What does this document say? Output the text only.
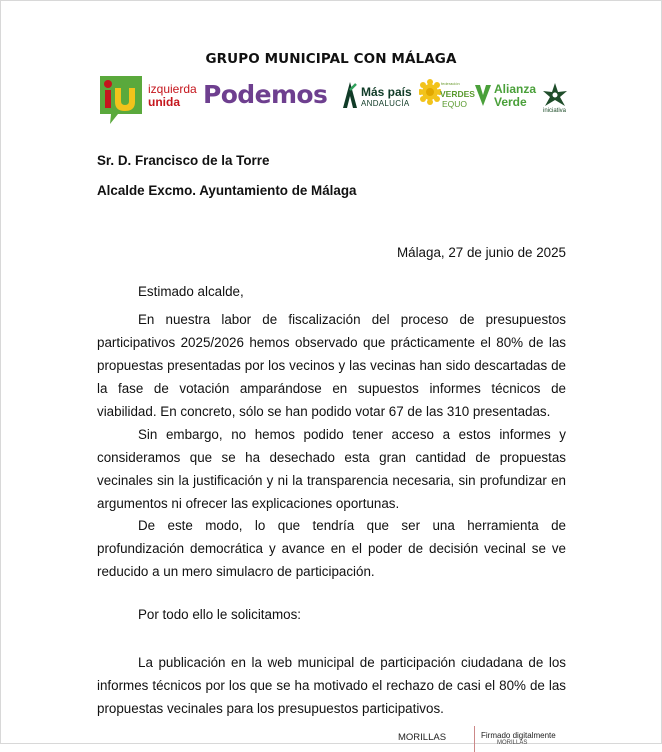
GRUPO MUNICIPAL CON MÁLAGA
izquierda
unida Podemos	Más país
ANDALUCÍA
federación
VERDES
EQUO
Alianza
Verde
iniciativa
Sr. D. Francisco de la Torre
Alcalde Excmo. Ayuntamiento de Málaga
Málaga, 27 de junio de 2025
Estimado alcalde,
En nuestra labor de fiscalización del proceso de presupuestos participativos 2025/2026 hemos observado que prácticamente el 80% de las propuestas presentadas por los vecinos y las vecinas han sido descartadas de la fase de votación amparándose en supuestos informes técnicos de viabilidad. En concreto, sólo se han podido votar 67 de las 310 presentadas.
Sin embargo, no hemos podido tener acceso a estos informes y consideramos que se ha desechado esta gran cantidad de propuestas vecinales sin la justificación y ni la transparencia necesaria, sin profundizar en argumentos ni ofrecer las explicaciones oportunas.
De este modo, lo que tendría que ser una herramienta de profundización democrática y avance en el poder de decisión vecinal se ve reducido a un mero simulacro de participación.
Por todo ello le solicitamos:
La publicación en la web municipal de participación ciudadana de los informes técnicos por los que se ha motivado el rechazo de casi el 80% de las propuestas vecinales para los presupuestos participativos.
MORILLAS	Firmado digitalmente
MORILLAS
